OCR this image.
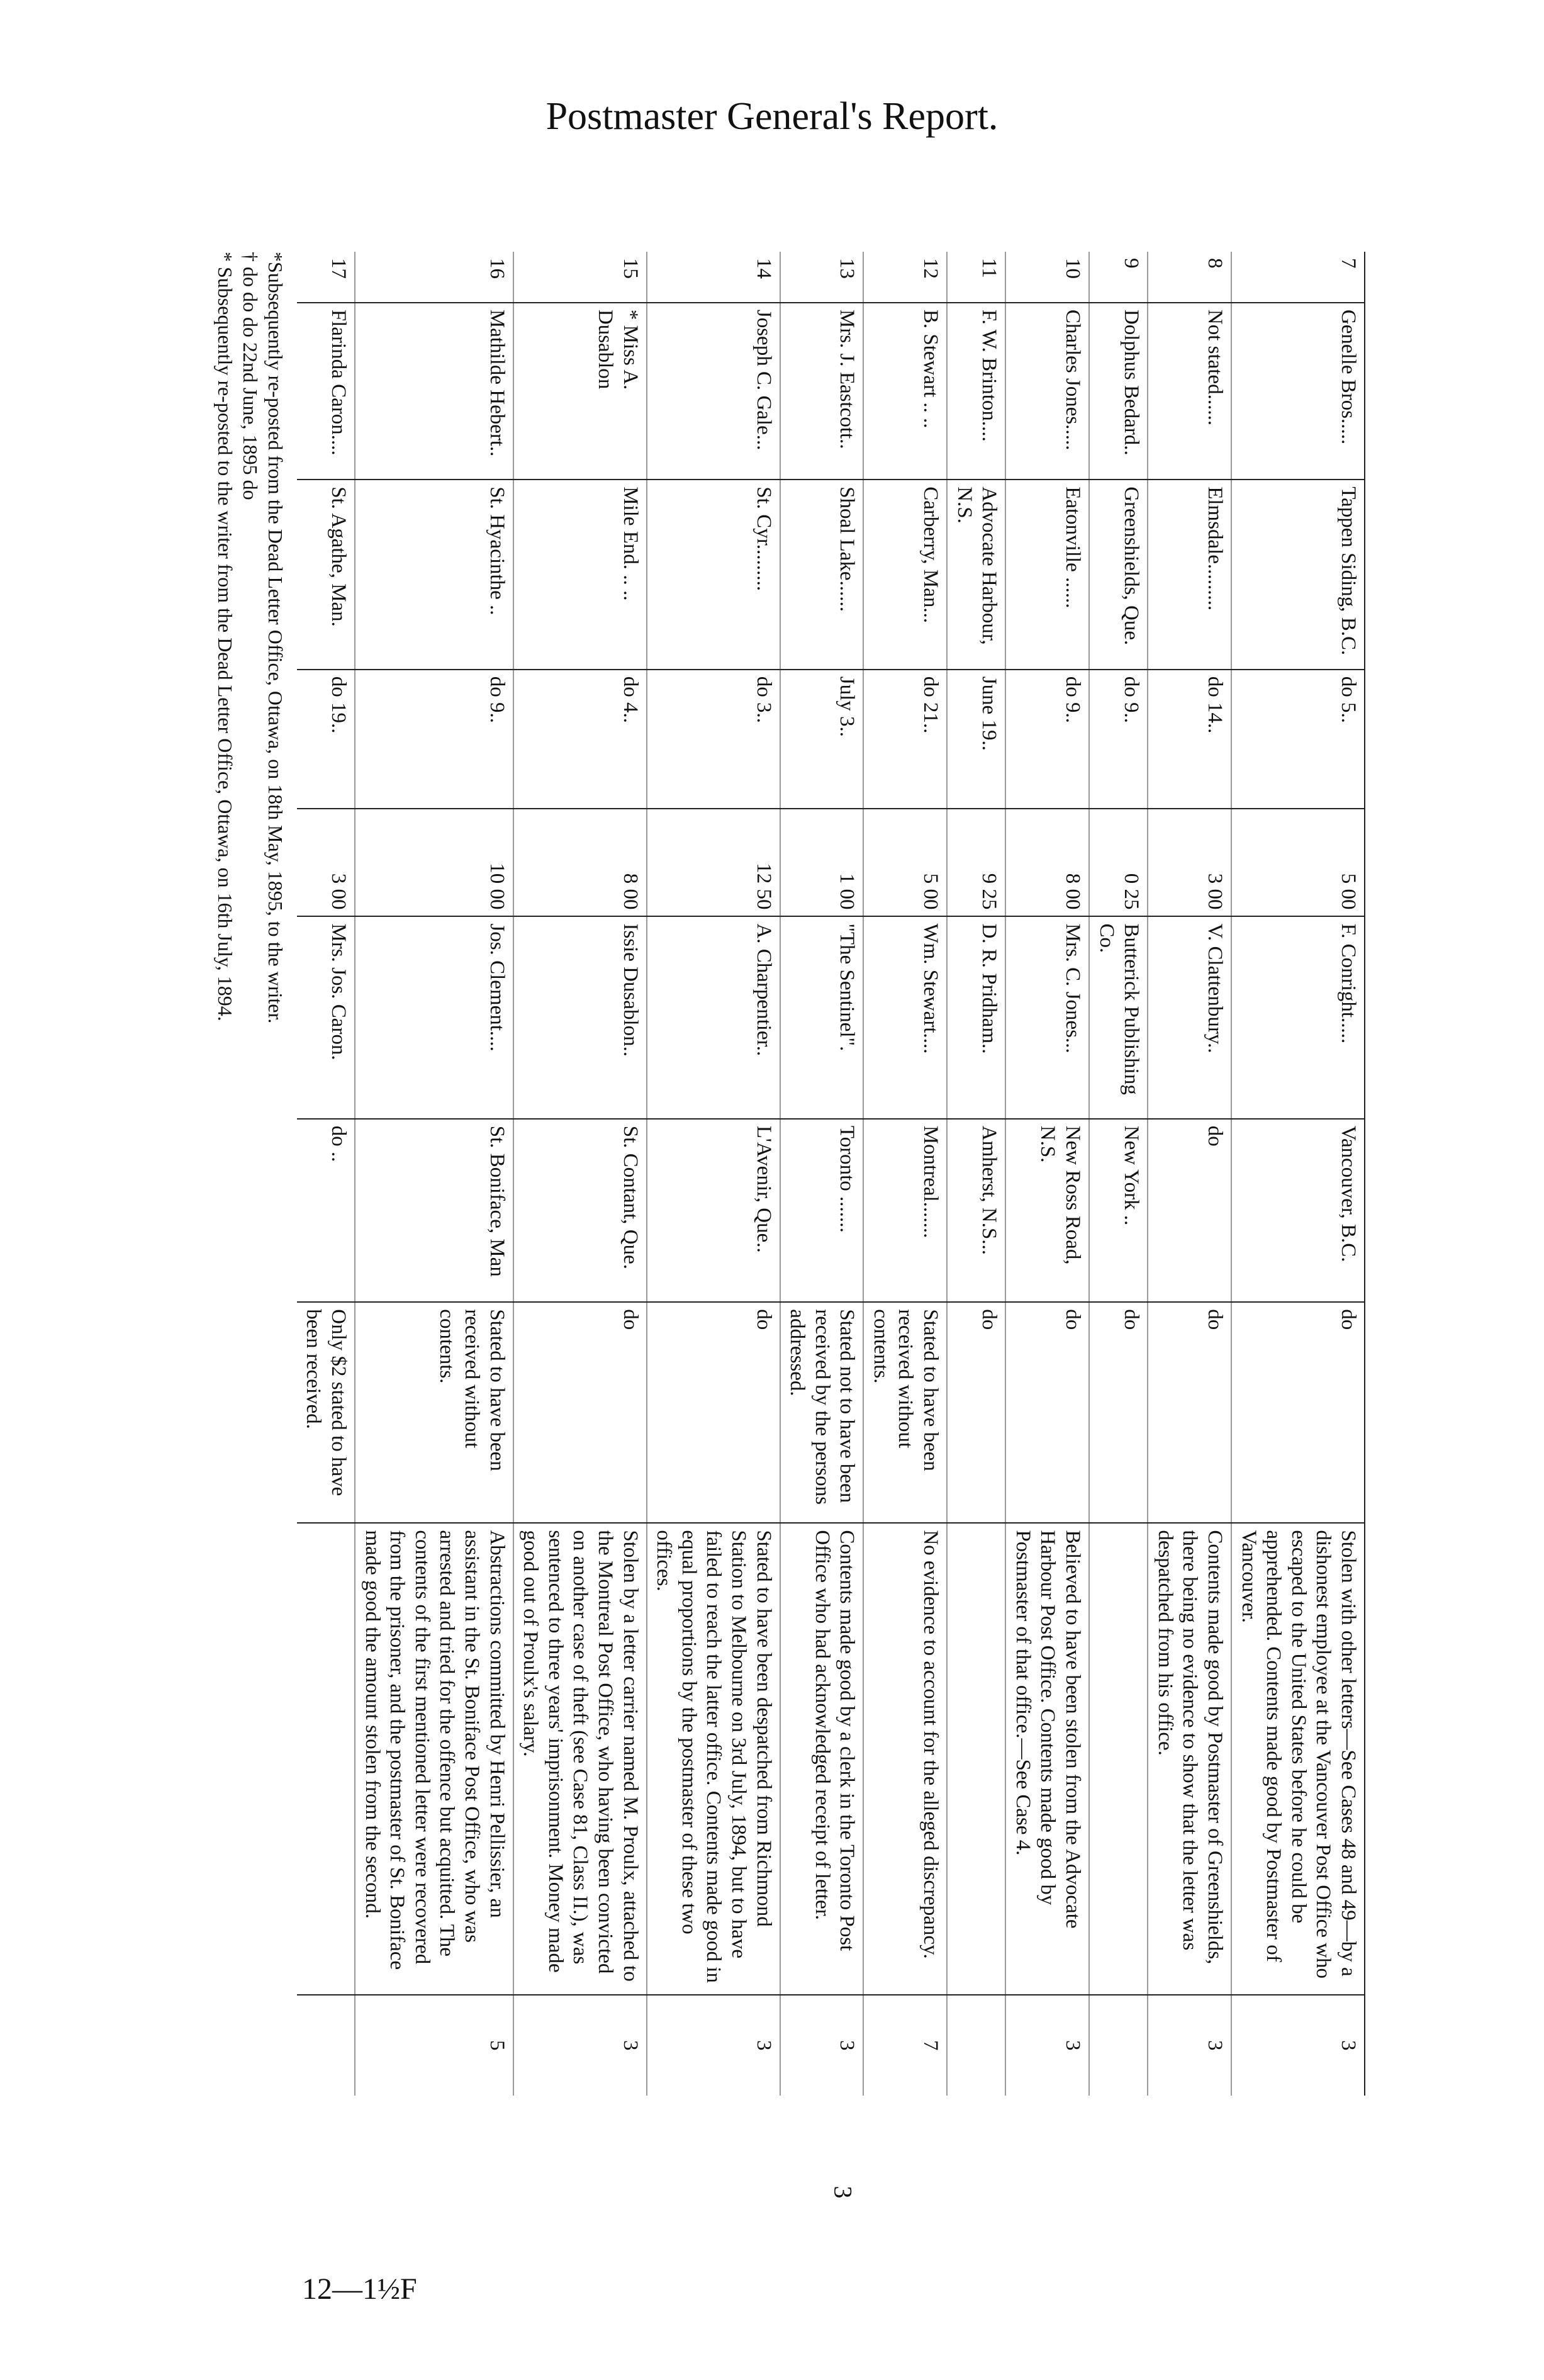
Postmaster General's Report.
7	Genelle Bros.....	Tappen Siding, B.C.	do 5..	5 00	F. Conright.....	Vancouver, B.C.	do	Stolen with other letters—See Cases 48 and 49—by a dishonest employee at the Vancouver Post Office who escaped to the United States before he could be apprehended. Contents made good by Postmaster of Vancouver.	3
8	Not stated......	Elmsdale.........	do 14..	3 00	V. Clattenbury..	do	do	Contents made good by Postmaster of Greenshields, there being no evidence to show that the letter was despatched from his office.	3
9	Dolphus Bedard..	Greenshields, Que.	do 9..	0 25	Butterick Publishing Co.	New York ..	do		
10	Charles Jones.....	Eatonville ......	do 9..	8 00	Mrs. C. Jones...	New Ross Road, N.S.	do	Believed to have been stolen from the Advocate Harbour Post Office. Contents made good by Postmaster of that office.—See Case 4.	3
11	F. W. Brinton....	Advocate Harbour, N.S.	June 19..	9 25	D. R. Pridham..	Amherst, N.S...	do		
12	B. Stewart .. ..	Carberry, Man...	do 21..	5 00	Wm. Stewart....	Montreal.......	Stated to have been received without contents.	No evidence to account for the alleged discrepancy.	7
13	Mrs. J. Eastcott..	Shoal Lake......	July 3..	1 00	"The Sentinel".	Toronto .......	Stated not to have been received by the persons addressed.	Contents made good by a clerk in the Toronto Post Office who had acknowledged receipt of letter.	3
14	Joseph C. Gale...	St. Cyr.........	do 3..	12 50	A. Charpentier..	L'Avenir, Que..	do	Stated to have been despatched from Richmond Station to Melbourne on 3rd July, 1894, but to have failed to reach the latter office. Contents made good in equal proportions by the postmaster of these two offices.	3
15	* Miss A. Dusablon	Mile End. .. ..	do 4..	8 00	Issie Dusablon..	St. Contant, Que.	do	Stolen by a letter carrier named M. Proulx, attached to the Montreal Post Office, who having been convicted on another case of theft (see Case 81, Class II.), was sentenced to three years' imprisonment. Money made good out of Proulx's salary.	3
16	Mathilde Hebert..	St. Hyacinthe ..	do 9..	10 00	Jos. Clement....	St. Boniface, Man	Stated to have been received without contents.	Abstractions committed by Henri Pellissier, an assistant in the St. Boniface Post Office, who was arrested and tried for the offence but acquitted. The contents of the first mentioned letter were recovered from the prisoner, and the postmaster of St. Boniface made good the amount stolen from the second.	5
17	Flarinda Caron....	St. Agathe, Man.	do 19..	3 00	Mrs. Jos. Caron.	do ..	Only $2 stated to have been received.		
*Subsequently re-posted from the Dead Letter Office, Ottawa, on 18th May, 1895, to the writer.
† do do do 22nd June, 1895 do
* Subsequently re-posted to the writer from the Dead Letter Office, Ottawa, on 16th July, 1894.
3
12—1½F
